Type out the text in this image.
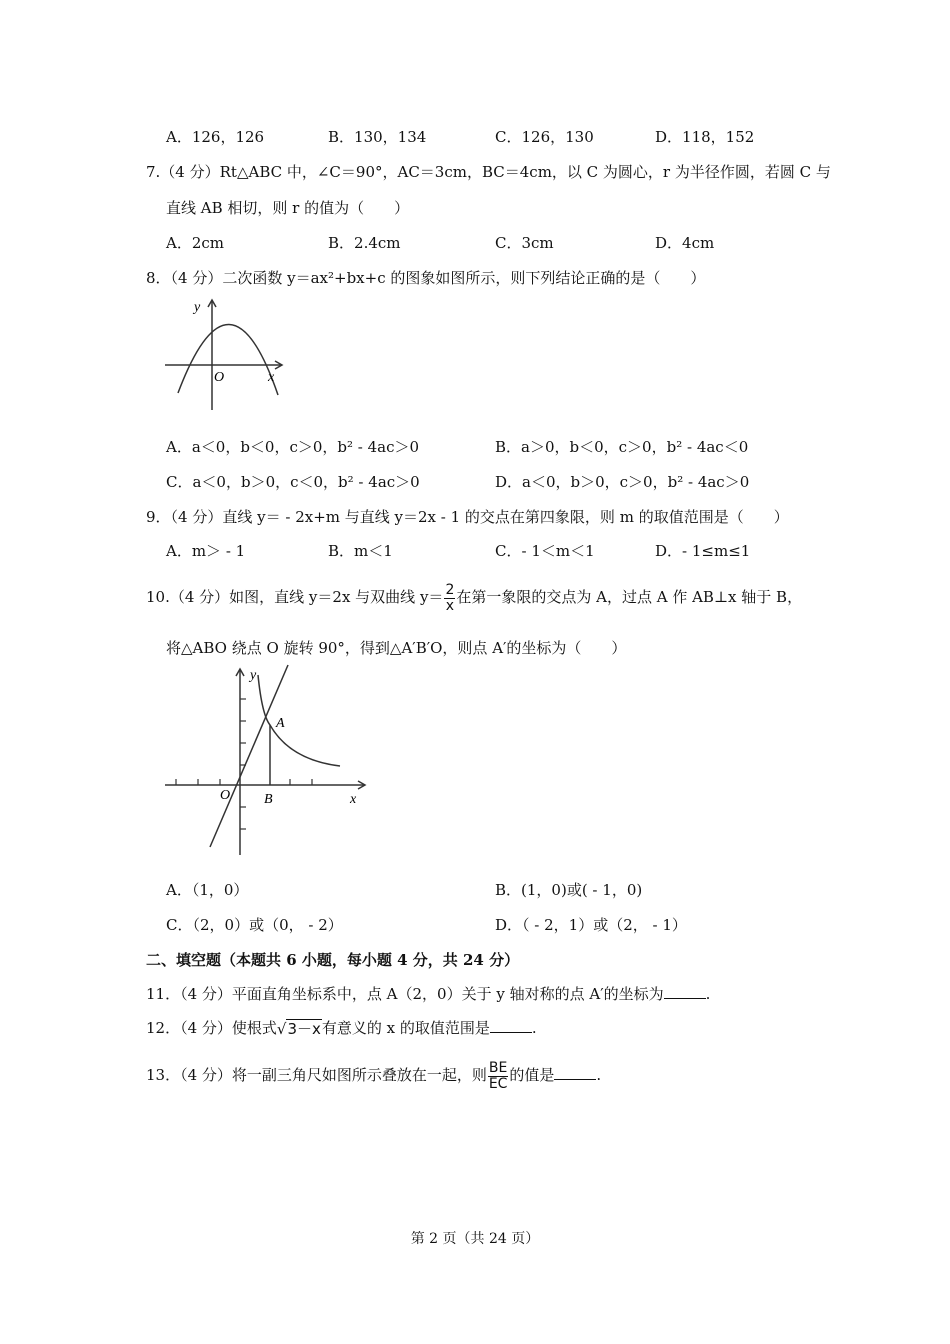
A．126，126	B．130，134	C．126，130	D．118，152
7.（4 分）Rt△ABC 中，∠C＝90°，AC＝3cm，BC＝4cm，以 C 为圆心，r 为半径作圆，若圆 C 与
直线 AB 相切，则 r 的值为（　　）
A．2cm	B．2.4cm	C．3cm	D．4cm
8．（4 分）二次函数 y＝ax²+bx+c 的图象如图所示，则下列结论正确的是（　　）
y
O	x
A．a＜0，b＜0，c＞0，b² - 4ac＞0	B．a＞0，b＜0，c＞0，b² - 4ac＜0
C．a＜0，b＞0，c＜0，b² - 4ac＞0	D．a＜0，b＞0，c＞0，b² - 4ac＞0
9．（4 分）直线 y＝ - 2x+m 与直线 y＝2x - 1 的交点在第四象限，则 m 的取值范围是（　　）
A．m＞ - 1	B．m＜1	C．- 1＜m＜1	D．- 1≤m≤1
10.（4 分）如图，直线 y＝2x 与双曲线 $y= \frac{2}{x}$ 在第一象限的交点为 A，过点 A 作 AB⊥x 轴于 B，
将△ABO 绕点 O 旋转 90°，得到△A′B′O，则点 A′的坐标为（　　）
y
A
O B	x
A．（1，0）	B．(1，0)或( - 1，0)
C．（2，0）或（0， - 2）	D．（ - 2，1）或（2， - 1）
二、填空题（本题共 6 小题，每小题 4 分，共 24 分）
11．（4 分）平面直角坐标系中，点 A（2，0）关于 y 轴对称的点 A′的坐标为	.
12．（4 分）使根式√3－x有意义的 x 的取值范围是	.
13．（4 分）将一副三角尺如图所示叠放在一起，则 $\frac{BE}{EC}$ 的值是	.
第 2 页（共 24 页）
